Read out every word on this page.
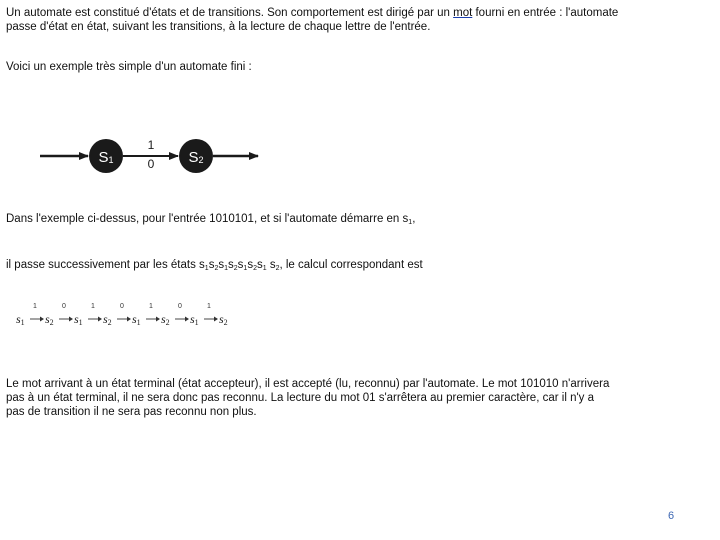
Un automate est constitué d'états et de transitions. Son comportement est dirigé par un mot fourni en entrée : l'automate
passe d'état en état, suivant les transitions, à la lecture de chaque lettre de l'entrée.
Voici un exemple très simple d'un automate fini :
S1
1
0 S2
Dans l'exemple ci-dessus, pour l'entrée 1010101, et si l'automate démarre en $s_1$,
il passe successivement par les états $s_1s_2s_1s_2s_1s_2s_1$ $s_2$, le calcul correspondant est
s1
1
s2
0
s1
1
s2
0
s1
1
s2
0
s1
1
s2
Le mot arrivant à un état terminal (état accepteur), il est accepté (lu, reconnu) par l'automate. Le mot 101010 n'arrivera
pas à un état terminal, il ne sera donc pas reconnu. La lecture du mot 01 s'arrêtera au premier caractère, car il n'y a
pas de transition il ne sera pas reconnu non plus.
6
